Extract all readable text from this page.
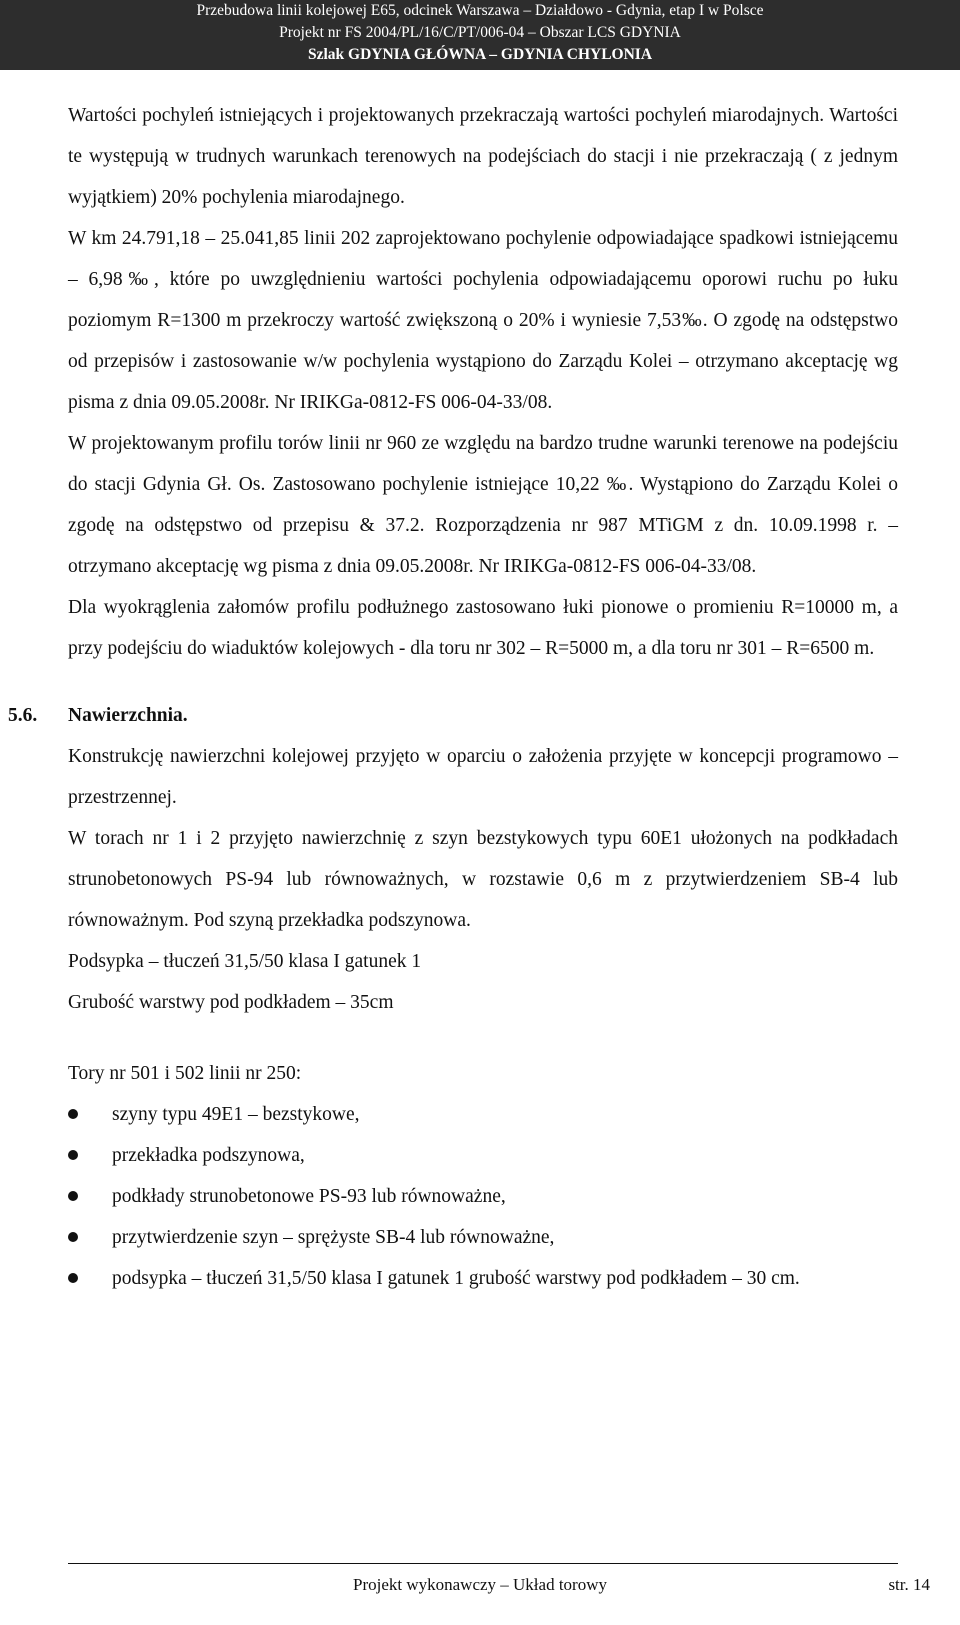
Przebudowa linii kolejowej E65, odcinek Warszawa – Działdowo - Gdynia, etap I w Polsce
Projekt nr FS 2004/PL/16/C/PT/006-04 – Obszar LCS GDYNIA
Szlak GDYNIA GŁÓWNA – GDYNIA CHYLONIA

Wartości pochyleń istniejących i projektowanych przekraczają wartości pochyleń miarodajnych. Wartości te występują w trudnych warunkach terenowych na podejściach do stacji i nie przekraczają ( z jednym wyjątkiem) 20% pochylenia miarodajnego.

W km 24.791,18 – 25.041,85 linii 202 zaprojektowano pochylenie odpowiadające spadkowi istniejącemu – 6,98‰, które po uwzględnieniu wartości pochylenia odpowiadającemu oporowi ruchu po łuku poziomym R=1300 m przekroczy wartość zwiększoną o 20% i wyniesie 7,53‰. O zgodę na odstępstwo od przepisów i zastosowanie w/w pochylenia wystąpiono do Zarządu Kolei – otrzymano akceptację wg pisma z dnia 09.05.2008r. Nr IRIKGa-0812-FS 006-04-33/08.

W projektowanym profilu torów linii nr 960 ze względu na bardzo trudne warunki terenowe na podejściu do stacji Gdynia Gł. Os. Zastosowano pochylenie istniejące 10,22 ‰. Wystąpiono do Zarządu Kolei o zgodę na odstępstwo od przepisu & 37.2. Rozporządzenia nr 987 MTiGM z dn. 10.09.1998 r. – otrzymano akceptację wg pisma z dnia 09.05.2008r. Nr IRIKGa-0812-FS 006-04-33/08.

Dla wyokrąglenia załomów profilu podłużnego zastosowano łuki pionowe o promieniu R=10000 m, a przy podejściu do wiaduktów kolejowych - dla toru nr 302 – R=5000 m, a dla toru nr 301 – R=6500 m.

5.6. Nawierzchnia.

Konstrukcję nawierzchni kolejowej przyjęto w oparciu o założenia przyjęte w koncepcji programowo – przestrzennej.

W torach nr 1 i 2 przyjęto nawierzchnię z szyn bezstykowych typu 60E1 ułożonych na podkładach strunobetonowych PS-94 lub równoważnych, w rozstawie 0,6 m z przytwierdzeniem SB-4 lub równoważnym. Pod szyną przekładka podszynowa.

Podsypka – tłuczeń 31,5/50 klasa I gatunek 1

Grubość warstwy pod podkładem – 35cm

Tory nr 501 i 502 linii nr 250:

szyny typu 49E1 – bezstykowe,
przekładka podszynowa,
podkłady strunobetonowe PS-93 lub równoważne,
przytwierdzenie szyn – sprężyste SB-4 lub równoważne,
podsypka – tłuczeń 31,5/50 klasa I gatunek 1 grubość warstwy pod podkładem – 30 cm.
Projekt wykonawczy – Układ torowy	str. 14
